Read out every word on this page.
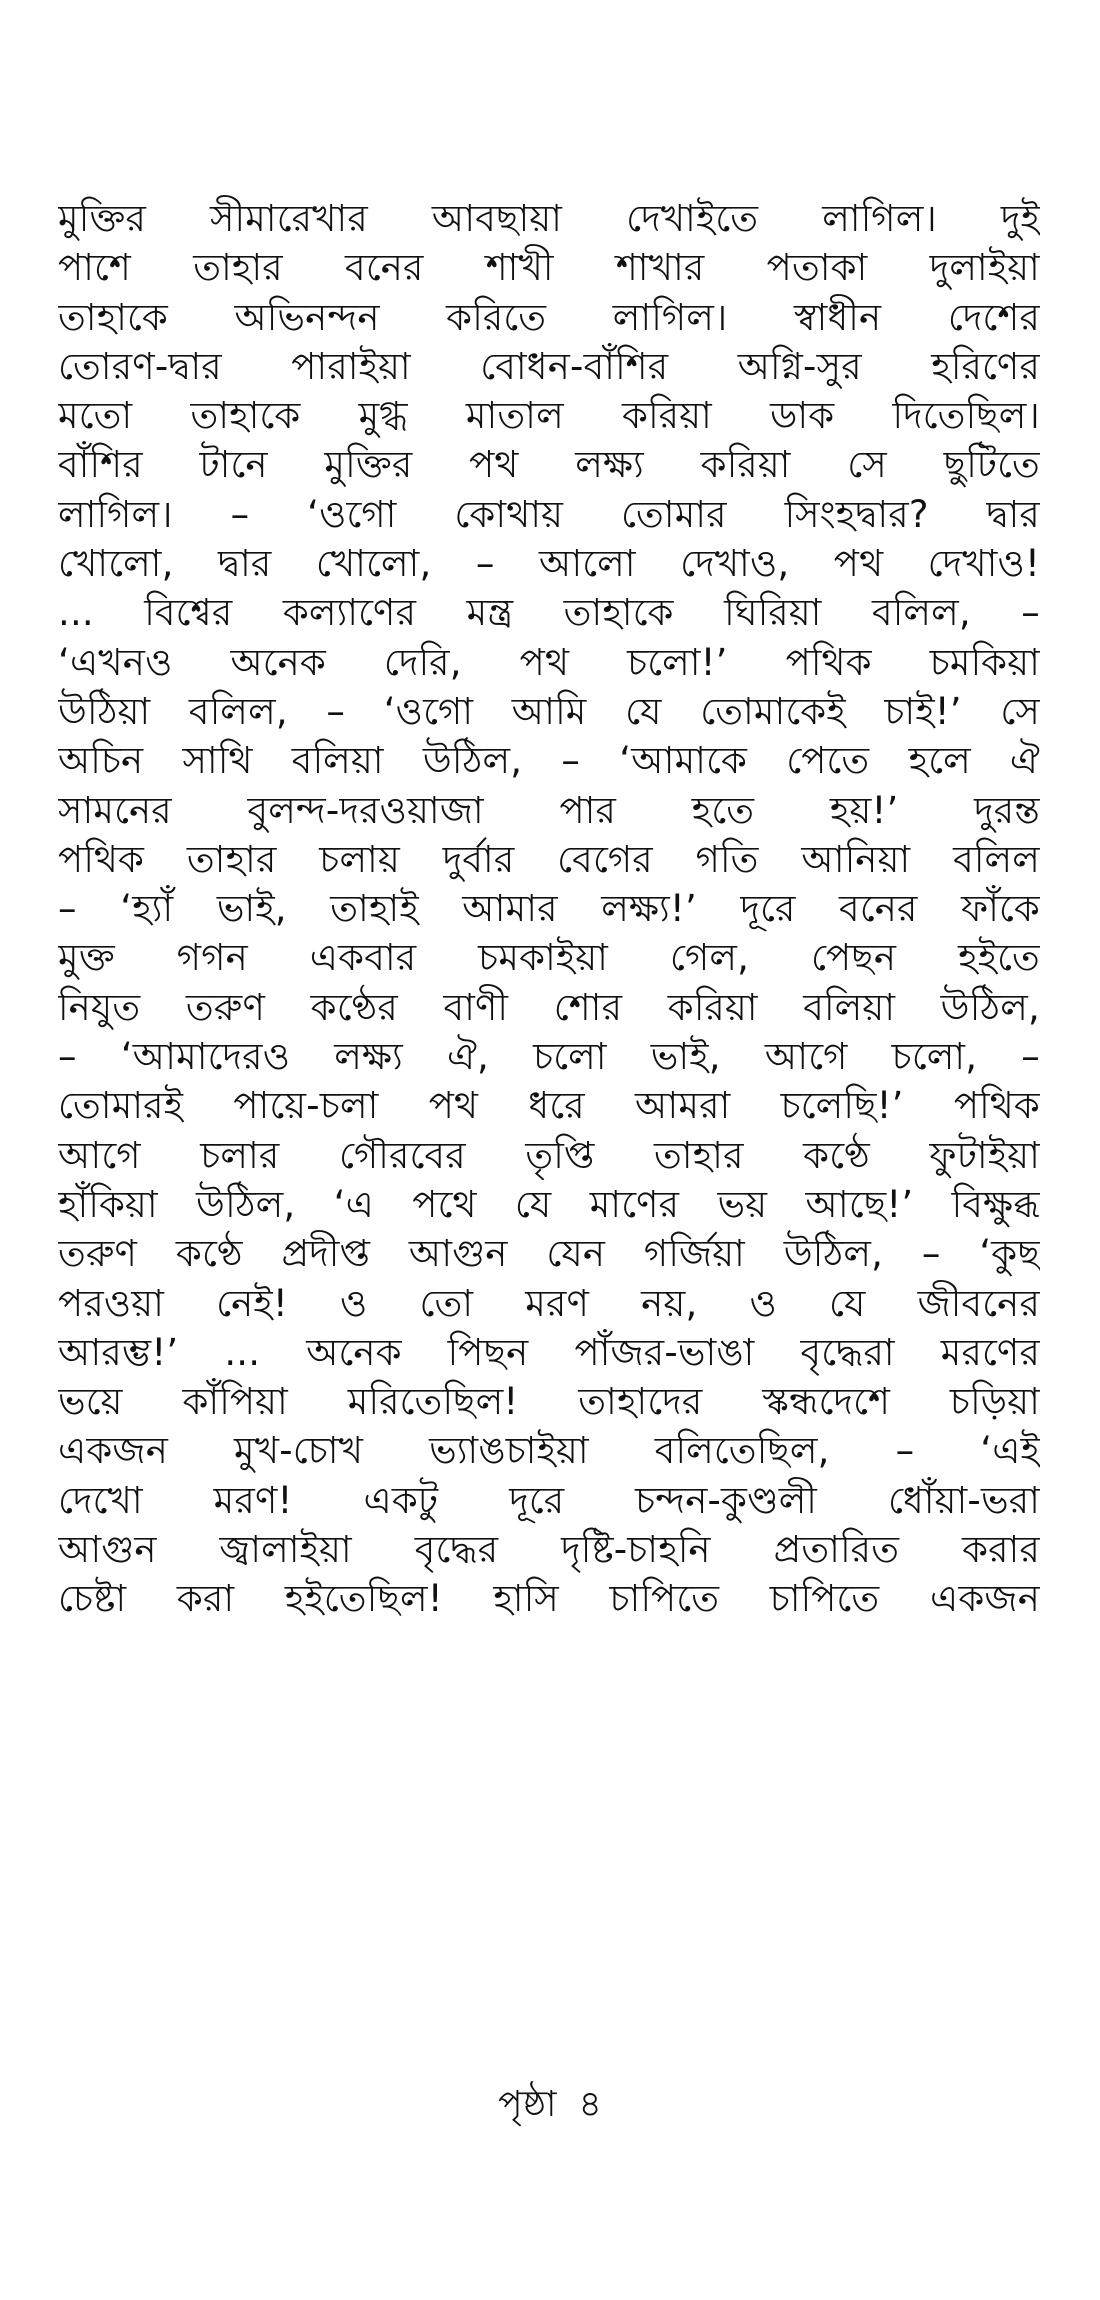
মুক্তির সীমারেখার আবছায়া দেখাইতে লাগিল। দুই
পাশে তাহার বনের শাখী শাখার পতাকা দুলাইয়া
তাহাকে অভিনন্দন করিতে লাগিল। স্বাধীন দেশের
তোরণ-দ্বার পারাইয়া বোধন-বাঁশির অগ্নি-সুর হরিণের
মতো তাহাকে মুগ্ধ মাতাল করিয়া ডাক দিতেছিল।
বাঁশির টানে মুক্তির পথ লক্ষ্য করিয়া সে ছুটিতে
লাগিল। – ‘ওগো কোথায় তোমার সিংহদ্বার? দ্বার
খোলো, দ্বার খোলো, – আলো দেখাও, পথ দেখাও!
... বিশ্বের কল্যাণের মন্ত্র তাহাকে ঘিরিয়া বলিল, –
‘এখনও অনেক দেরি, পথ চলো!’ পথিক চমকিয়া
উঠিয়া বলিল, – ‘ওগো আমি যে তোমাকেই চাই!’ সে
অচিন সাথি বলিয়া উঠিল, – ‘আমাকে পেতে হলে ঐ
সামনের বুলন্দ-দরওয়াজা পার হতে হয়!’ দুরন্ত
পথিক তাহার চলায় দুর্বার বেগের গতি আনিয়া বলিল
– ‘হ্যাঁ ভাই, তাহাই আমার লক্ষ্য!’ দূরে বনের ফাঁকে
মুক্ত গগন একবার চমকাইয়া গেল, পেছন হইতে
নিযুত তরুণ কণ্ঠের বাণী শোর করিয়া বলিয়া উঠিল,
– ‘আমাদেরও লক্ষ্য ঐ, চলো ভাই, আগে চলো, –
তোমারই পায়ে-চলা পথ ধরে আমরা চলেছি!’ পথিক
আগে চলার গৌরবের তৃপ্তি তাহার কণ্ঠে ফুটাইয়া
হাঁকিয়া উঠিল, ‘এ পথে যে মাণের ভয় আছে!’ বিক্ষুব্ধ
তরুণ কণ্ঠে প্রদীপ্ত আগুন যেন গর্জিয়া উঠিল, – ‘কুছ
পরওয়া নেই! ও তো মরণ নয়, ও যে জীবনের
আরম্ভ!’ ... অনেক পিছন পাঁজর-ভাঙা বৃদ্ধেরা মরণের
ভয়ে কাঁপিয়া মরিতেছিল! তাহাদের স্কন্ধদেশে চড়িয়া
একজন মুখ-চোখ ভ্যাঙচাইয়া বলিতেছিল, – ‘এই
দেখো মরণ! একটু দূরে চন্দন-কুণ্ডলী ধোঁয়া-ভরা
আগুন জ্বালাইয়া বৃদ্ধের দৃষ্টি-চাহনি প্রতারিত করার
চেষ্টা করা হইতেছিল! হাসি চাপিতে চাপিতে একজন
পৃষ্ঠা ৪
